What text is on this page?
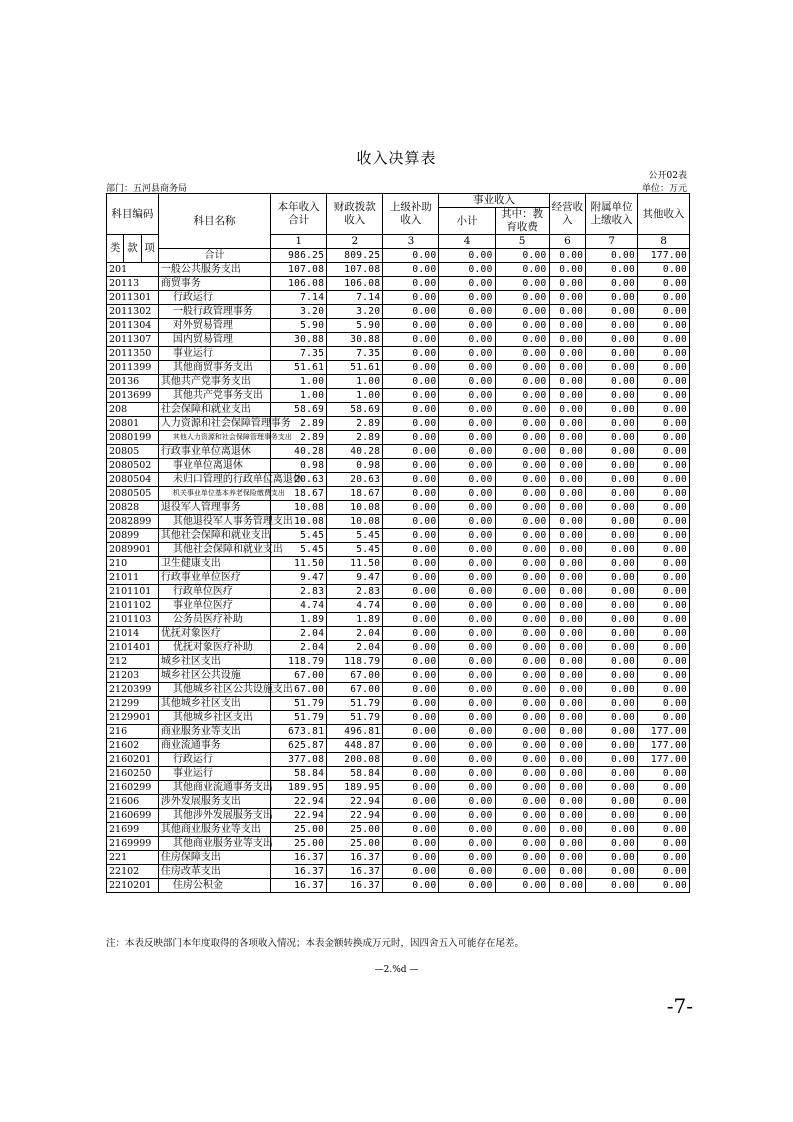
收入决算表
公开02表
部门：五河县商务局	单位：万元
科目编码			科目名称	本年收入合计	财政拨款收入	上级补助收入	事业收入		经营收入	附属单位上缴收入	其他收入
							小计	其中：教育收费			

类	款	项		1	2	3	4	5	6	7	8
			合计	986.25	809.25	0.00	0.00	0.00	0.00	0.00	177.00
201			一般公共服务支出	107.08	107.08	0.00	0.00	0.00	0.00	0.00	0.00
20113			商贸事务	106.08	106.08	0.00	0.00	0.00	0.00	0.00	0.00
2011301			行政运行	7.14	7.14	0.00	0.00	0.00	0.00	0.00	0.00
2011302			一般行政管理事务	3.20	3.20	0.00	0.00	0.00	0.00	0.00	0.00
2011304			对外贸易管理	5.90	5.90	0.00	0.00	0.00	0.00	0.00	0.00
2011307			国内贸易管理	30.88	30.88	0.00	0.00	0.00	0.00	0.00	0.00
2011350			事业运行	7.35	7.35	0.00	0.00	0.00	0.00	0.00	0.00
2011399			其他商贸事务支出	51.61	51.61	0.00	0.00	0.00	0.00	0.00	0.00
20136			其他共产党事务支出	1.00	1.00	0.00	0.00	0.00	0.00	0.00	0.00
2013699			其他共产党事务支出	1.00	1.00	0.00	0.00	0.00	0.00	0.00	0.00
208			社会保障和就业支出	58.69	58.69	0.00	0.00	0.00	0.00	0.00	0.00
20801			人力资源和社会保障管理事务	2.89	2.89	0.00	0.00	0.00	0.00	0.00	0.00
2080199			其他人力资源和社会保障管理事务支出	2.89	2.89	0.00	0.00	0.00	0.00	0.00	0.00
20805			行政事业单位离退休	40.28	40.28	0.00	0.00	0.00	0.00	0.00	0.00
2080502			事业单位离退休	0.98	0.98	0.00	0.00	0.00	0.00	0.00	0.00
2080504			未归口管理的行政单位离退休	20.63	20.63	0.00	0.00	0.00	0.00	0.00	0.00
2080505			机关事业单位基本养老保险缴费支出	18.67	18.67	0.00	0.00	0.00	0.00	0.00	0.00
20828			退役军人管理事务	10.08	10.08	0.00	0.00	0.00	0.00	0.00	0.00
2082899			其他退役军人事务管理支出	10.08	10.08	0.00	0.00	0.00	0.00	0.00	0.00
20899			其他社会保障和就业支出	5.45	5.45	0.00	0.00	0.00	0.00	0.00	0.00
2089901			其他社会保障和就业支出	5.45	5.45	0.00	0.00	0.00	0.00	0.00	0.00
210			卫生健康支出	11.50	11.50	0.00	0.00	0.00	0.00	0.00	0.00
21011			行政事业单位医疗	9.47	9.47	0.00	0.00	0.00	0.00	0.00	0.00
2101101			行政单位医疗	2.83	2.83	0.00	0.00	0.00	0.00	0.00	0.00
2101102			事业单位医疗	4.74	4.74	0.00	0.00	0.00	0.00	0.00	0.00
2101103			公务员医疗补助	1.89	1.89	0.00	0.00	0.00	0.00	0.00	0.00
21014			优抚对象医疗	2.04	2.04	0.00	0.00	0.00	0.00	0.00	0.00
2101401			优抚对象医疗补助	2.04	2.04	0.00	0.00	0.00	0.00	0.00	0.00
212			城乡社区支出	118.79	118.79	0.00	0.00	0.00	0.00	0.00	0.00
21203			城乡社区公共设施	67.00	67.00	0.00	0.00	0.00	0.00	0.00	0.00
2120399			其他城乡社区公共设施支出	67.00	67.00	0.00	0.00	0.00	0.00	0.00	0.00
21299			其他城乡社区支出	51.79	51.79	0.00	0.00	0.00	0.00	0.00	0.00
2129901			其他城乡社区支出	51.79	51.79	0.00	0.00	0.00	0.00	0.00	0.00
216			商业服务业等支出	673.81	496.81	0.00	0.00	0.00	0.00	0.00	177.00
21602			商业流通事务	625.87	448.87	0.00	0.00	0.00	0.00	0.00	177.00
2160201			行政运行	377.08	200.08	0.00	0.00	0.00	0.00	0.00	177.00
2160250			事业运行	58.84	58.84	0.00	0.00	0.00	0.00	0.00	0.00
2160299			其他商业流通事务支出	189.95	189.95	0.00	0.00	0.00	0.00	0.00	0.00
21606			涉外发展服务支出	22.94	22.94	0.00	0.00	0.00	0.00	0.00	0.00
2160699			其他涉外发展服务支出	22.94	22.94	0.00	0.00	0.00	0.00	0.00	0.00
21699			其他商业服务业等支出	25.00	25.00	0.00	0.00	0.00	0.00	0.00	0.00
2169999			其他商业服务业等支出	25.00	25.00	0.00	0.00	0.00	0.00	0.00	0.00
221			住房保障支出	16.37	16.37	0.00	0.00	0.00	0.00	0.00	0.00
22102			住房改革支出	16.37	16.37	0.00	0.00	0.00	0.00	0.00	0.00
2210201			住房公积金	16.37	16.37	0.00	0.00	0.00	0.00	0.00	0.00
注：本表反映部门本年度取得的各项收入情况；本表金额转换成万元时，因四舍五入可能存在尾差。
—2.%d —
-7-
